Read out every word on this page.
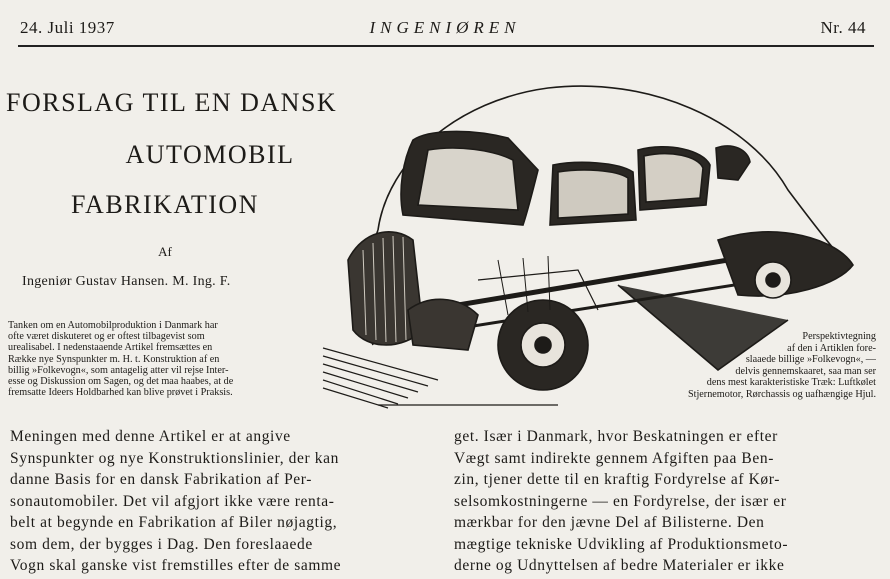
24. Juli 1937	INGENIØREN	Nr. 44
FORSLAG TIL EN DANSK
AUTOMOBIL
FABRIKATION
Af
Ingeniør Gustav Hansen. M. Ing. F.
Tanken om en Automobilproduktion i Danmark har
ofte været diskuteret og er oftest tilbagevist som
urealisabel. I nedenstaaende Artikel fremsættes en
Række nye Synspunkter m. H. t. Konstruktion af en
billig »Folkevogn«, som antagelig atter vil rejse Inter-
esse og Diskussion om Sagen, og det maa haabes, at de
fremsatte Ideers Holdbarhed kan blive prøvet i Praksis.
Perspektivtegning
af den i Artiklen fore-
slaaede billige »Folkevogn«, —
delvis gennemskaaret, saa man ser
dens mest karakteristiske Træk: Luftkølet
Stjernemotor, Rørchassis og uafhængige Hjul.
Meningen med denne Artikel er at angive
Synspunkter og nye Konstruktionslinier, der kan
danne Basis for en dansk Fabrikation af Per-
sonautomobiler. Det vil afgjort ikke være renta-
belt at begynde en Fabrikation af Biler nøjagtig,
som dem, der bygges i Dag. Den foreslaaede
Vogn skal ganske vist fremstilles efter de samme
get. Især i Danmark, hvor Beskatningen er efter
Vægt samt indirekte gennem Afgiften paa Ben-
zin, tjener dette til en kraftig Fordyrelse af Kør-
selsomkostningerne — en Fordyrelse, der især er
mærkbar for den jævne Del af Bilisterne. Den
mægtige tekniske Udvikling af Produktionsmeto-
derne og Udnyttelsen af bedre Materialer er ikke
